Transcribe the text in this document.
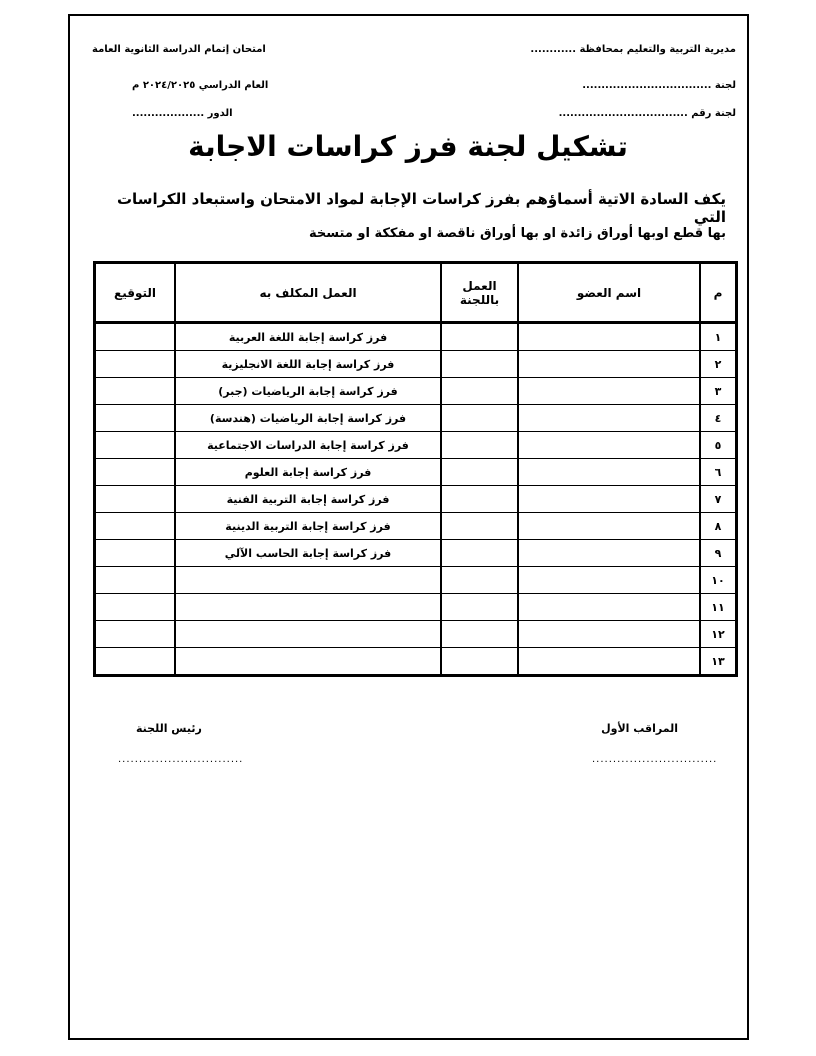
مديرية التربية والتعليم بمحافظة ............
لجنة ..................................
لجنة رقم ..................................
امتحان إتمام الدراسة الثانوية العامة
العام الدراسي ٢٠٢٤/٢٠٢٥ م
الدور ...................
تشكيل لجنة فرز كراسات الاجابة
يكف السادة الاتية أسماؤهم بفرز كراسات الإجابة لمواد الامتحان واستبعاد الكراسات التي
بها قطع اوبها أوراق زائدة او بها أوراق ناقصة او مفككة او متسخة
م	اسم العضو	العمل باللجنة	العمل المكلف به	التوقيع
١			فرز كراسة إجابة اللغة العربية	
٢			فرز كراسة إجابة اللغة الانجليزية	
٣			فرز كراسة إجابة الرياضيات (جبر)	
٤			فرز كراسة إجابة الرياضيات (هندسة)	
٥			فرز كراسة إجابة الدراسات الاجتماعية	
٦			فرز كراسة إجابة العلوم	
٧			فرز كراسة إجابة التربية الفنية	
٨			فرز كراسة إجابة التربية الدينية	
٩			فرز كراسة إجابة الحاسب الآلي	
١٠				
١١				
١٢				
١٣				
المراقب الأول
رئيس اللجنة
..............................
..............................
